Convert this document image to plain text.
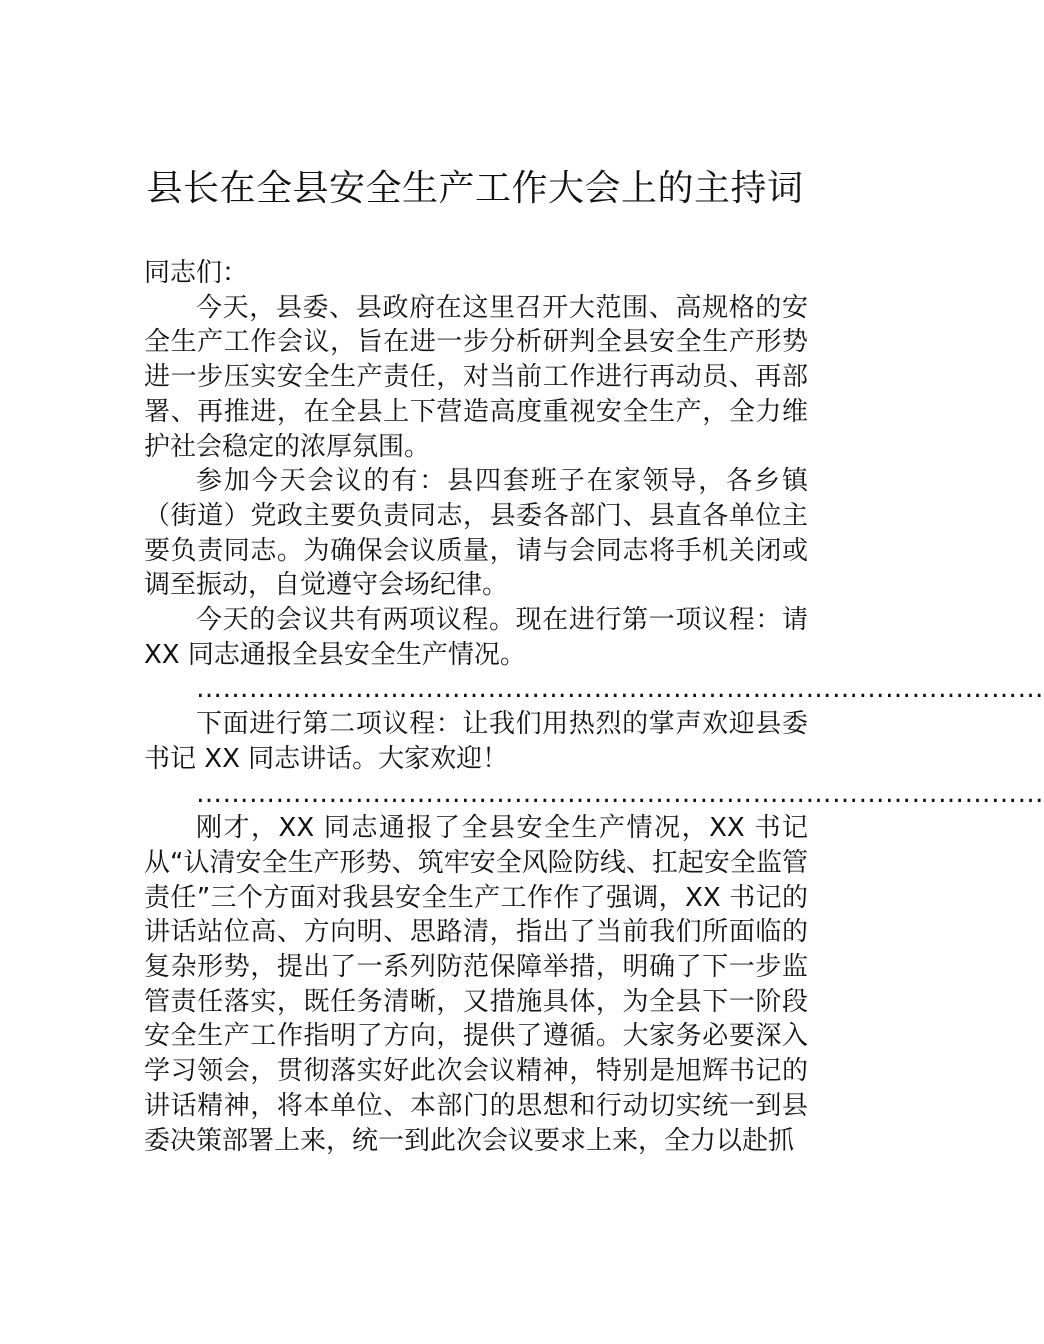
县长在全县安全生产工作大会上的主持词

同志们：

今天，县委、县政府在这里召开大范围、高规格的安全生产工作会议，旨在进一步分析研判全县安全生产形势进一步压实安全生产责任，对当前工作进行再动员、再部署、再推进，在全县上下营造高度重视安全生产，全力维护社会稳定的浓厚氛围。

参加今天会议的有：县四套班子在家领导，各乡镇（街道）党政主要负责同志，县委各部门、县直各单位主要负责同志。为确保会议质量，请与会同志将手机关闭或调至振动，自觉遵守会场纪律。

今天的会议共有两项议程。现在进行第一项议程：请XX 同志通报全县安全生产情况。

……………………………………………………………………………………

下面进行第二项议程：让我们用热烈的掌声欢迎县委书记 XX 同志讲话。大家欢迎！

……………………………………………………………………………………

刚才，XX 同志通报了全县安全生产情况，XX 书记从“认清安全生产形势、筑牢安全风险防线、扛起安全监管责任”三个方面对我县安全生产工作作了强调，XX 书记的讲话站位高、方向明、思路清，指出了当前我们所面临的复杂形势，提出了一系列防范保障举措，明确了下一步监管责任落实，既任务清晰，又措施具体，为全县下一阶段安全生产工作指明了方向，提供了遵循。大家务必要深入学习领会，贯彻落实好此次会议精神，特别是旭辉书记的讲话精神，将本单位、本部门的思想和行动切实统一到县委决策部署上来，统一到此次会议要求上来，全力以赴抓
